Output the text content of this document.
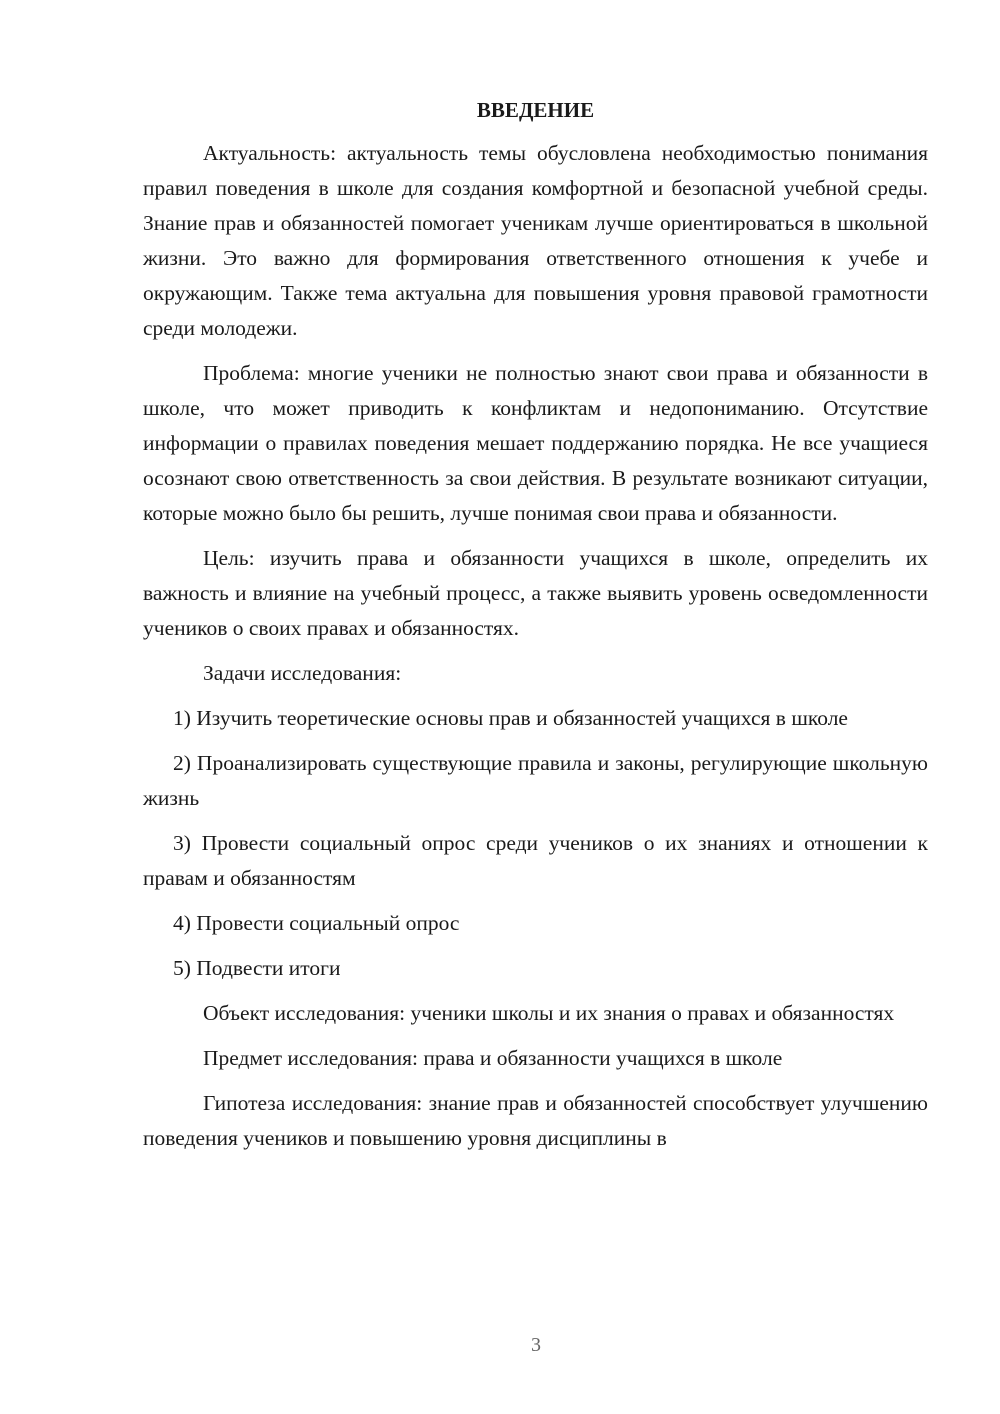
ВВЕДЕНИЕ

Актуальность: актуальность темы обусловлена необходимостью понимания правил поведения в школе для создания комфортной и безопасной учебной среды. Знание прав и обязанностей помогает ученикам лучше ориентироваться в школьной жизни. Это важно для формирования ответственного отношения к учебе и окружающим. Также тема актуальна для повышения уровня правовой грамотности среди молодежи.

Проблема: многие ученики не полностью знают свои права и обязанности в школе, что может приводить к конфликтам и недопониманию. Отсутствие информации о правилах поведения мешает поддержанию порядка. Не все учащиеся осознают свою ответственность за свои действия. В результате возникают ситуации, которые можно было бы решить, лучше понимая свои права и обязанности.

Цель: изучить права и обязанности учащихся в школе, определить их важность и влияние на учебный процесс, а также выявить уровень осведомленности учеников о своих правах и обязанностях.

Задачи исследования:

1) Изучить теоретические основы прав и обязанностей учащихся в школе

2) Проанализировать существующие правила и законы, регулирующие школьную жизнь

3) Провести социальный опрос среди учеников о их знаниях и отношении к правам и обязанностям

4) Провести социальный опрос

5) Подвести итоги

Объект исследования: ученики школы и их знания о правах и обязанностях

Предмет исследования: права и обязанности учащихся в школе

Гипотеза исследования: знание прав и обязанностей способствует улучшению поведения учеников и повышению уровня дисциплины в

3
